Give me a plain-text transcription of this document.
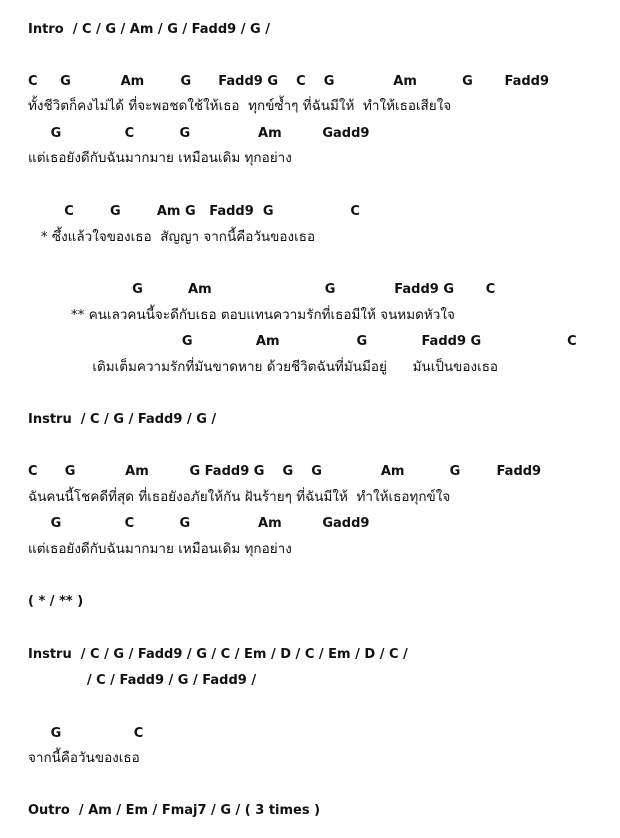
Intro  / C / G / Am / G / Fadd9 / G /
C     G           Am        G      Fadd9 G    C    G             Am          G       Fadd9
ทั้งชีวิตก็คงไม่ได้ ที่จะพอชดใช้ให้เธอ  ทุกข์ซ้ำๆ ที่ฉันมีให้  ทำให้เธอเสียใจ
G              C          G               Am         Gadd9
แต่เธอยังดีกับฉันมากมาย เหมือนเดิม ทุกอย่าง
C        G        Am G   Fadd9  G                 C
* ซึ้งแล้วใจของเธอ  สัญญา จากนี้คือวันของเธอ
G          Am                         G             Fadd9 G       C
** คนเลวคนนี้จะดีกับเธอ ตอบแทนความรักที่เธอมีให้ จนหมดหัวใจ
G              Am                 G            Fadd9 G                   C
เติมเต็มความรักที่มันขาดหาย ด้วยชีวิตฉันที่มันมีอยู่      มันเป็นของเธอ
Instru  / C / G / Fadd9 / G /
C      G           Am         G Fadd9 G    G    G             Am          G        Fadd9
ฉันคนนี้โชคดีที่สุด ที่เธอยังอภัยให้กัน ฝันร้ายๆ ที่ฉันมีให้  ทำให้เธอทุกข์ใจ
G              C          G               Am         Gadd9
แต่เธอยังดีกับฉันมากมาย เหมือนเดิม ทุกอย่าง
( * / ** )
Instru  / C / G / Fadd9 / G / C / Em / D / C / Em / D / C /
/ C / Fadd9 / G / Fadd9 /
G                C
จากนี้คือวันของเธอ
Outro  / Am / Em / Fmaj7 / G / ( 3 times )
